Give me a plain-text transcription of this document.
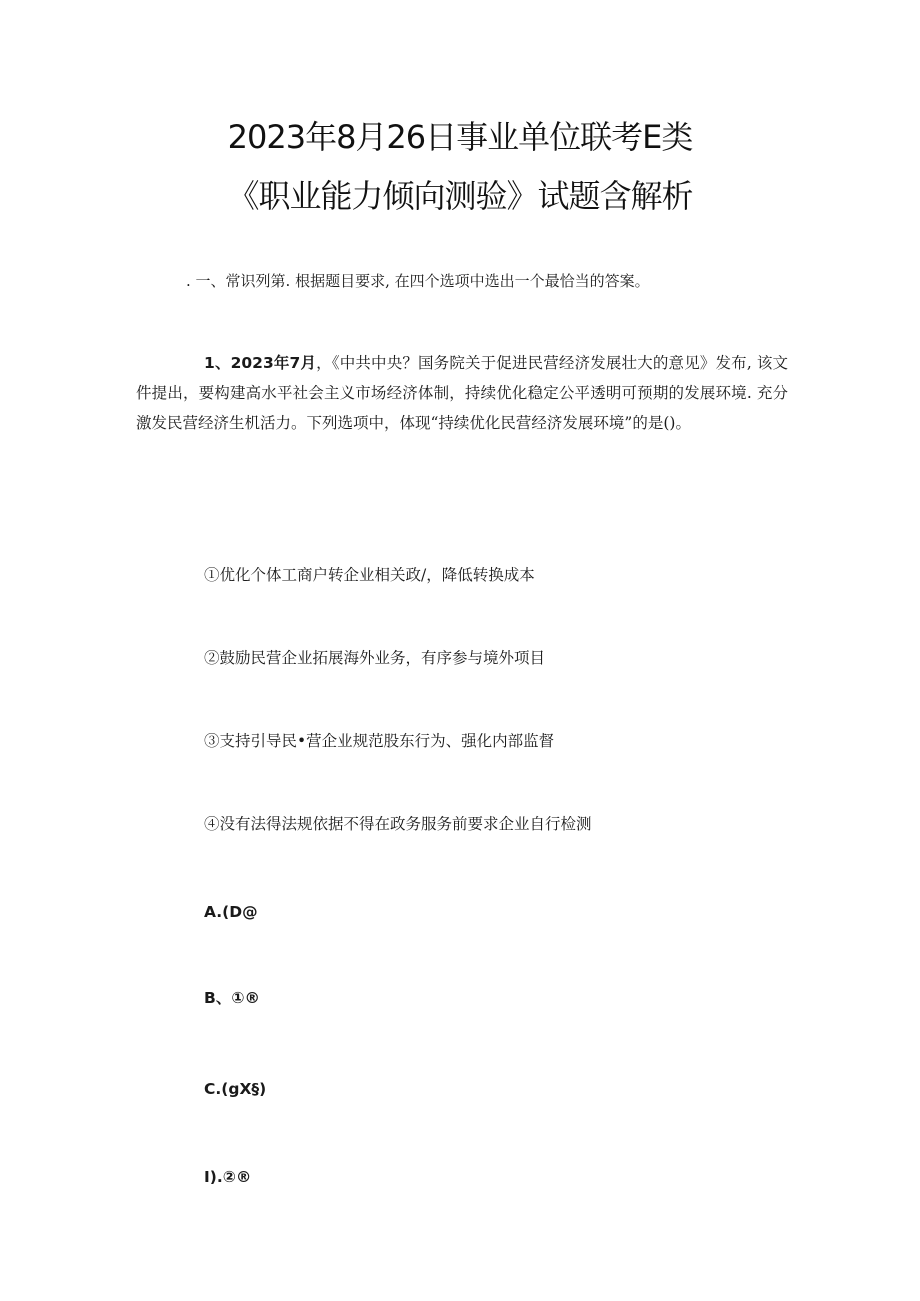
2023年8月26日事业单位联考E类
《职业能力倾向测验》试题含解析

. 一、常识列第. 根据题目要求, 在四个选项中选出一个最恰当的答案。

1、2023年7月，《中共中央？国务院关于促进民营经济发展壮大的意见》发布, 该文件提出，要构建高水平社会主义市场经济体制，持续优化稳定公平透明可预期的发展环境. 充分激发民营经济生机活力。下列选项中，体现“持续优化民营经济发展环境”的是()。

①优化个体工商户转企业相关政/，降低转换成本

②鼓励民营企业拓展海外业务，有序参与境外项目

③支持引导民•营企业规范股东行为、强化内部监督

④没有法得法规依据不得在政务服务前要求企业自行检测

A.(D@

B、①®

C.(gX§)

I).②®
